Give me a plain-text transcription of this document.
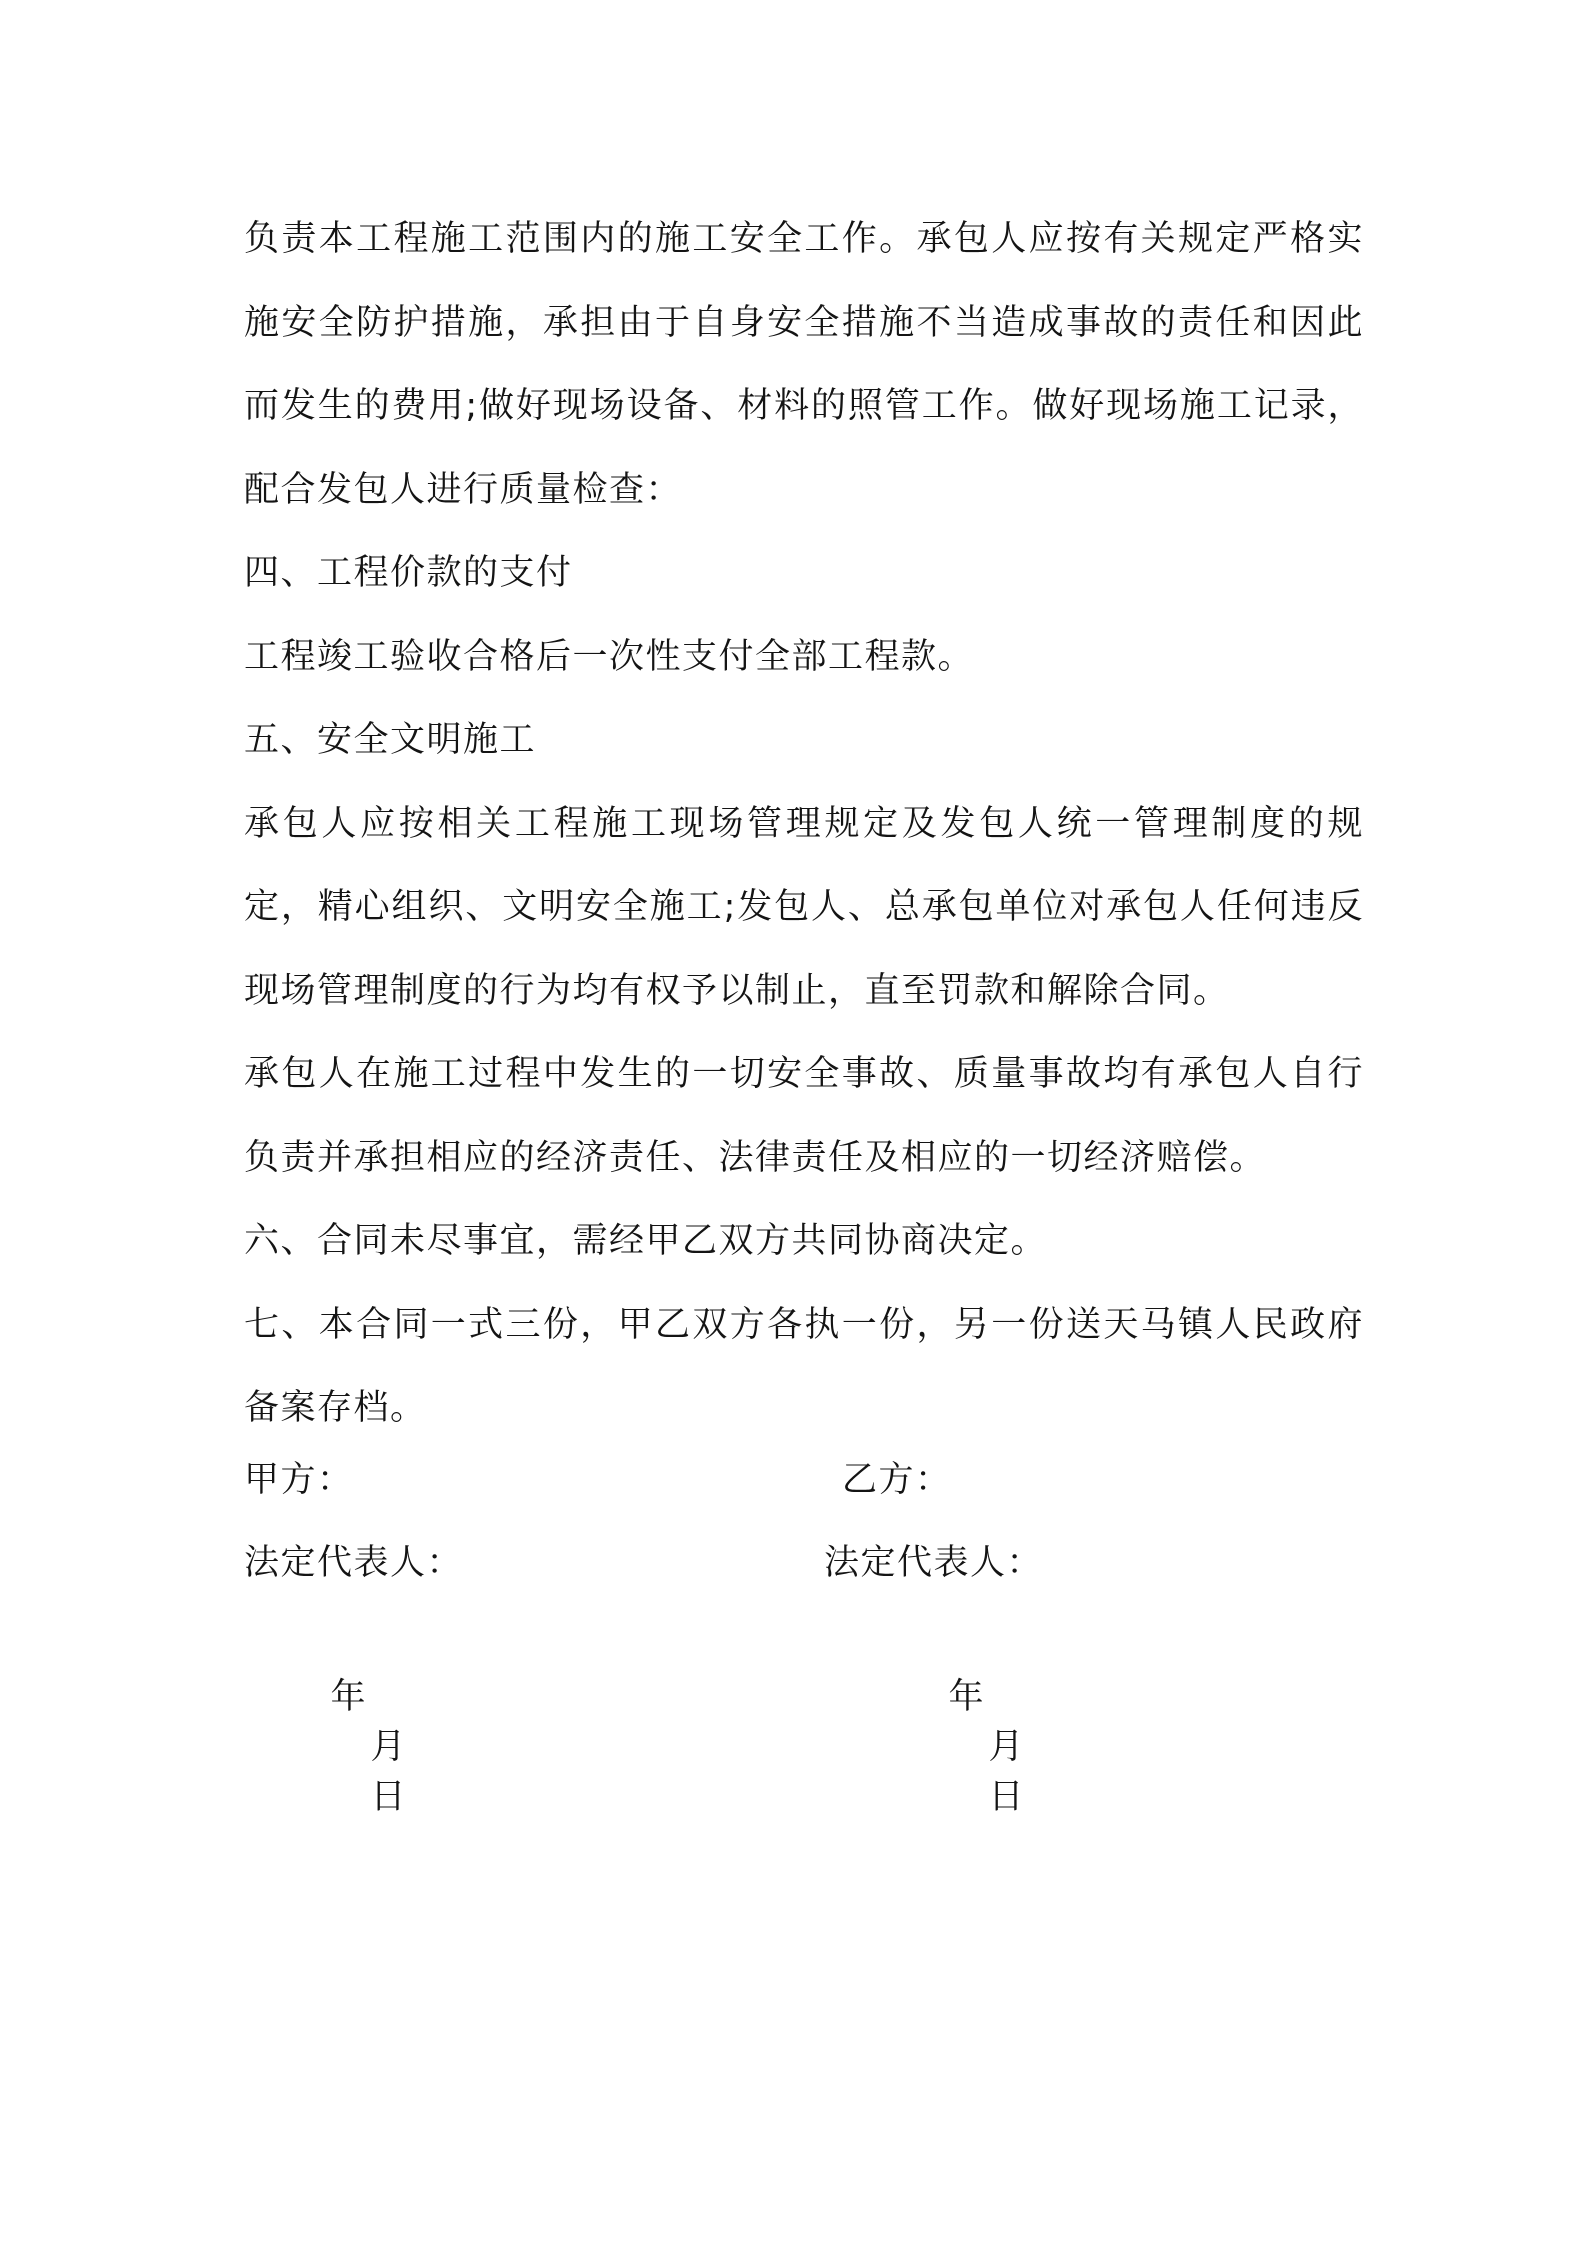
负责本工程施工范围内的施工安全工作。承包人应按有关规定严格实施安全防护措施，承担由于自身安全措施不当造成事故的责任和因此而发生的费用;做好现场设备、材料的照管工作。做好现场施工记录，配合发包人进行质量检查：

四、工程价款的支付

工程竣工验收合格后一次性支付全部工程款。

五、安全文明施工

承包人应按相关工程施工现场管理规定及发包人统一管理制度的规定，精心组织、文明安全施工;发包人、总承包单位对承包人任何违反现场管理制度的行为均有权予以制止，直至罚款和解除合同。

承包人在施工过程中发生的一切安全事故、质量事故均有承包人自行负责并承担相应的经济责任、法律责任及相应的一切经济赔偿。

六、合同未尽事宜，需经甲乙双方共同协商决定。

七、本合同一式三份，甲乙双方各执一份，另一份送天马镇人民政府备案存档。

甲方：
法定代表人：

年
月
日

乙方：
法定代表人：

年
月
日
